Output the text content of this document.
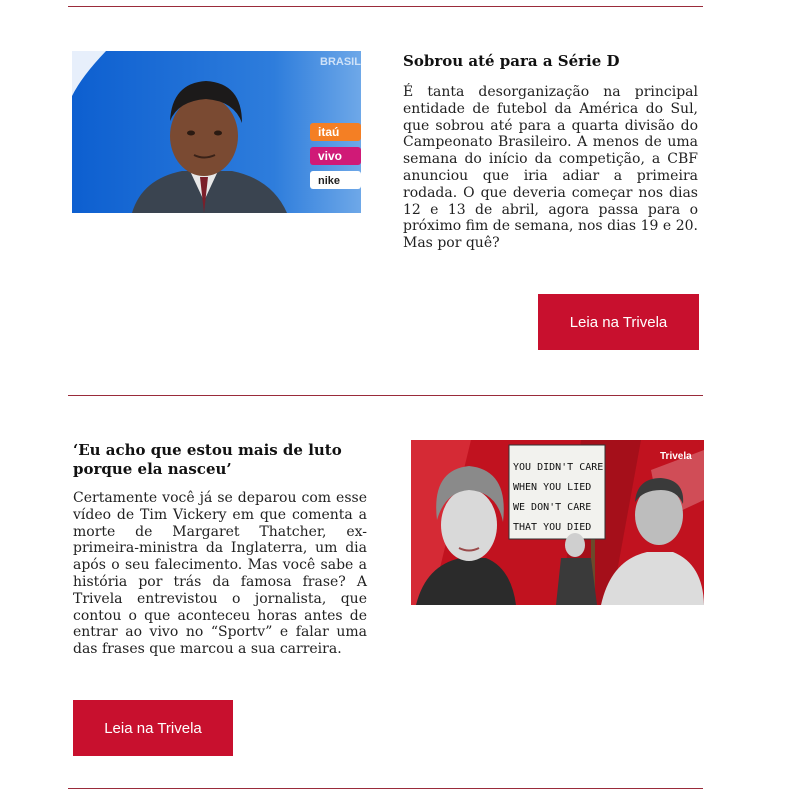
BRASIL
itaú
vivo
nike
Sobrou até para a Série D

É tanta desorganização na principal entidade de futebol da América do Sul, que sobrou até para a quarta divisão do Campeonato Brasileiro. A menos de uma semana do início da competição, a CBF anunciou que iria adiar a primeira rodada. O que deveria começar nos dias 12 e 13 de abril, agora passa para o próximo fim de semana, nos dias 19 e 20. Mas por quê?

Leia na Trivela
‘Eu acho que estou mais de luto porque ela nasceu’

Certamente você já se deparou com esse vídeo de Tim Vickery em que comenta a morte de Margaret Thatcher, ex-primeira-ministra da Inglaterra, um dia após o seu falecimento. Mas você sabe a história por trás da famosa frase? A Trivela entrevistou o jornalista, que contou o que aconteceu horas antes de entrar ao vivo no “Sportv” e falar uma das frases que marcou a sua carreira.

Trivela
YOU DIDN'T CARE WHEN YOU LIED WE DON'T CARE THAT YOU DIED
Leia na Trivela
